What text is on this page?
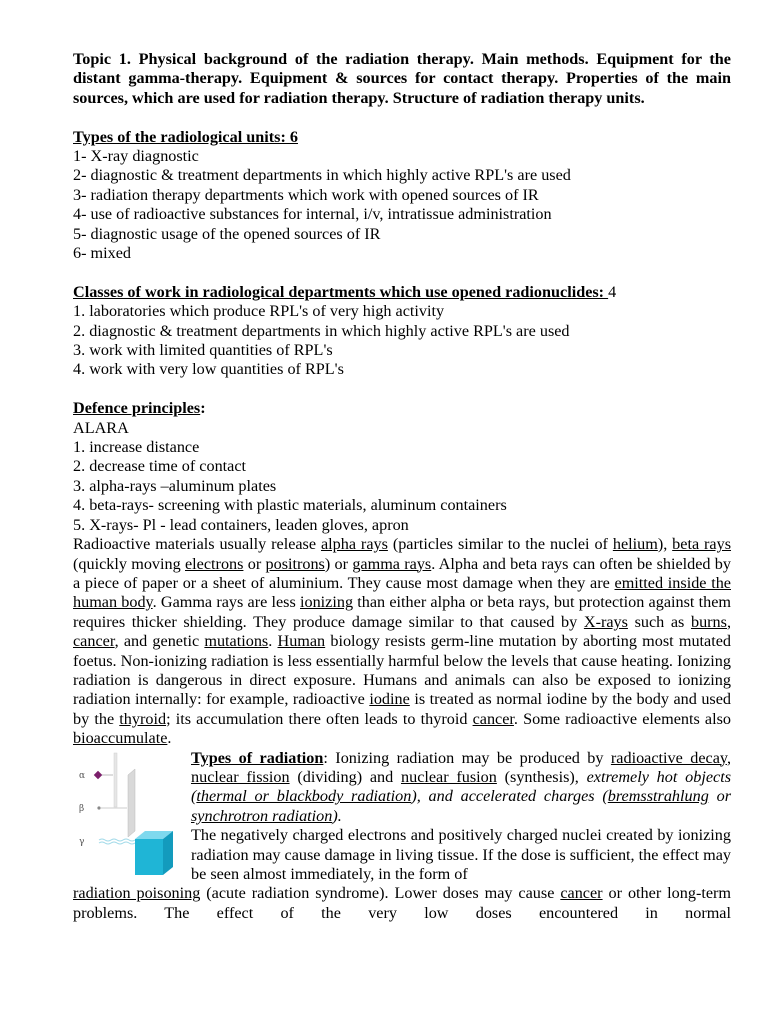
Topic 1. Physical background of the radiation therapy. Main methods. Equipment for the distant gamma-therapy. Equipment & sources for contact therapy. Properties of the main sources, which are used for radiation therapy. Structure of radiation therapy units.

Types of the radiological units: 6
1- X-ray diagnostic
2- diagnostic & treatment departments in which highly active RPL's are used
3- radiation therapy departments which work with opened sources of IR
4- use of radioactive substances for internal, i/v, intratissue administration
5- diagnostic usage of the opened sources of IR
6- mixed
Classes of work in radiological departments which use opened radionuclides: 4
1. laboratories which produce RPL's of very high activity
2. diagnostic & treatment departments in which highly active RPL's are used
3. work with limited quantities of RPL's
4. work with very low quantities of RPL's
Defence principles:
ALARA
1. increase distance
2. decrease time of contact
3. alpha-rays –aluminum plates
4. beta-rays- screening with plastic materials, aluminum containers
5. X-rays- Pl - lead containers, leaden gloves, apron

Radioactive materials usually release alpha rays (particles similar to the nuclei of helium), beta rays (quickly moving electrons or positrons) or gamma rays. Alpha and beta rays can often be shielded by a piece of paper or a sheet of aluminium. They cause most damage when they are emitted inside the human body. Gamma rays are less ionizing than either alpha or beta rays, but protection against them requires thicker shielding. They produce damage similar to that caused by X-rays such as burns, cancer, and genetic mutations. Human biology resists germ-line mutation by aborting most mutated foetus. Non-ionizing radiation is less essentially harmful below the levels that cause heating. Ionizing radiation is dangerous in direct exposure. Humans and animals can also be exposed to ionizing radiation internally: for example, radioactive iodine is treated as normal iodine by the body and used by the thyroid; its accumulation there often leads to thyroid cancer. Some radioactive elements also bioaccumulate.

α
β
γ

Types of radiation: Ionizing radiation may be produced by radioactive decay, nuclear fission (dividing) and nuclear fusion (synthesis), extremely hot objects (thermal or blackbody radiation), and accelerated charges (bremsstrahlung or synchrotron radiation).

The negatively charged electrons and positively charged nuclei created by ionizing radiation may cause damage in living tissue. If the dose is sufficient, the effect may be seen almost immediately, in the form of

radiation poisoning (acute radiation syndrome). Lower doses may cause cancer or other long-term problems. The effect of the very low doses encountered in normal
